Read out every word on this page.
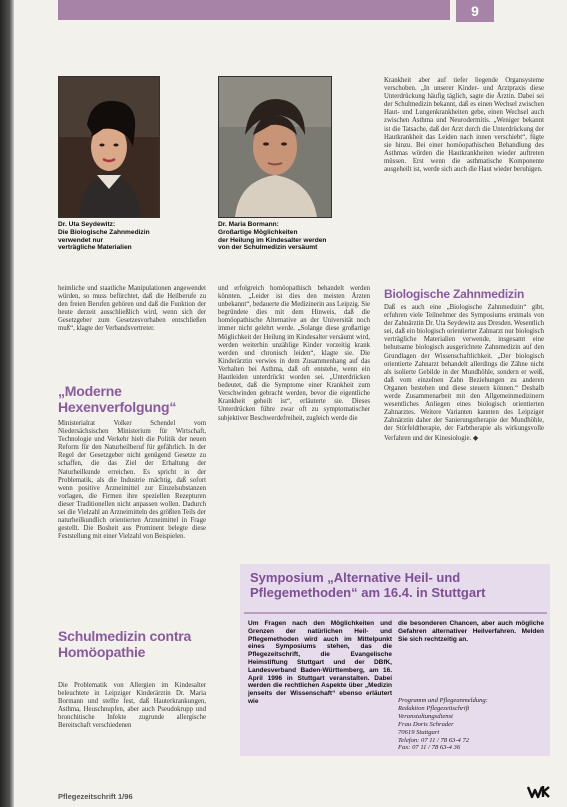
9
Dr. Uta Seydewitz:
Die Biologische Zahnmedizin
verwendet nur
verträgliche Materialien
Dr. Maria Bormann:
Großartige Möglichkeiten
der Heilung im Kindesalter werden
von der Schulmedizin versäumt
heimliche und staatliche Manipulationen angewendet würden, so muss befürchtet, daß die Heilberufe zu den freien Berufen gehören und daß die Funktion der heute derzeit ausschließlich wird, wenn sich der Gesetzgeber zum Gesetzesvorhaben entschließen muß“, klagte der Verbandsvertreter.
„Moderne Hexenverfolgung“
Ministerialrat Volker Schendel vom Niedersächsischen Ministerium für Wirtschaft, Technologie und Verkehr hielt die Politik der neuen Reform für den Naturheilberuf für gefährlich. In der Regel der Gesetzgeber nicht genügend Gesetze zu schaffen, die das Ziel der Erhaltung der Naturheilkunde erreichen. Es spricht in der Problematik, als die Industrie mächtig, daß sofort wenn positive Arzneimittel zur Einzelsubstanzen vorlagen, die Firmen ihre speziellen Rezepturen dieser Traditionellen nicht anpassen wollen. Dadurch sei die Vielzahl an Arzneimitteln des größten Teils der naturheilkundlich orientierten Arzneimittel in Frage gestellt. Die Bosheit aus Prominent belegte diese Feststellung mit einer Vielzahl von Beispielen.
Schulmedizin contra Homöopathie
Die Problematik von Allergien im Kindesalter beleuchtete in Leipziger Kinderärztin Dr. Maria Bormann und stellte fest, daß Hauterkrankungen, Asthma, Heuschnupfen, aber auch Pseudokrupp und bronchitische Infekte zugrunde allergische Bereitschaft verschiedenen
und erfolgreich homöopathisch behandelt werden könnten. „Leider ist dies den meisten Ärzten unbekannt“, bedauerte die Medizinerin aus Leipzig. Sie begründete dies mit dem Hinweis, daß die homöopathische Alternative an der Universität noch immer nicht gelehrt werde. „Solange diese großartige Möglichkeit der Heilung im Kindesalter versäumt wird, werden weiterhin unzählige Kinder vorzeitig krank werden und chronisch leiden“, klagte sie. Die Kinderärztin verwies in dem Zusammenhang auf das Verhalten bei Asthma, daß oft entstehe, wenn ein Hautleiden unterdrückt worden sei. „Unterdrücken bedeutet, daß die Symptome einer Krankheit zum Verschwinden gebracht werden, bevor die eigentliche Krankheit geheilt ist“, erläuterte sie. Dieses Unterdrücken führe zwar oft zu symptomatischer subjektiver Beschwerdefreiheit, zugleich werde die
Krankheit aber auf tiefer liegende Organsysteme verschoben. „In unserer Kinder- und Arztpraxis diese Unterdrückung häufig täglich, sagte die Ärztin. Dabei sei der Schulmedizin bekannt, daß es einen Wechsel zwischen Haut- und Lungenkrankheiten gebe, einen Wechsel auch zwischen Asthma und Neurodermitis. „Weniger bekannt ist die Tatsache, daß der Arzt durch die Unterdrückung der Hautkrankheit das Leiden nach innen verschiebt“, fügte sie hinzu. Bei einer homöopathischen Behandlung des Asthmas würden die Hautkrankheiten wieder auftreten müssen. Erst wenn die asthmatische Komponente ausgeheilt ist, werde sich auch die Haut wieder beruhigen.
Biologische Zahnmedizin
Daß es auch eine „Biologische Zahnmedizin“ gibt, erfuhren viele Teilnehmer des Symposiums erstmals von der Zahnärztin Dr. Uta Seydewitz aus Dresden. Wesentlich sei, daß ein biologisch orientierter Zahnarzt nur biologisch verträgliche Materialien verwende, insgesamt eine behutsame biologisch ausgerichtete Zahnmedizin auf den Grundlagen der Wissenschaftlichkeit. „Der biologisch orientierte Zahnarzt behandelt allerdings die Zähne nicht als isolierte Gebilde in der Mundhöhle, sondern er weiß, daß vom einzelnen Zahn Beziehungen zu anderen Organen bestehen und diese steuern können.“ Deshalb werde Zusammenarbeit mit den Allgemeinmedizinern wesentliches Anliegen eines biologisch orientierten Zahnarztes. Weitere Varianten kannten des Leipziger Zahnärztin daher der Sanierungstherapie der Mundhöhle, der Störfeldtherapie, der Farbtherapie als wirkungsvolle Verfahren und der Kinesiologie. ◆
Symposium „Alternative Heil- und Pflegemethoden“ am 16.4. in Stuttgart
Um Fragen nach den Möglichkeiten und Grenzen der natürlichen Heil- und Pflegemethoden wird auch im Mittelpunkt eines Symposiums stehen, das die Pflegezeitschrift, die Evangelische Heimstiftung Stuttgart und der DBfK, Landesverband Baden-Württemberg, am 16. April 1996 in Stuttgart veranstalten. Dabei werden die rechtlichen Aspekte über „Medizin jenseits der Wissenschaft“ ebenso erläutert wie
die besonderen Chancen, aber auch mögliche Gefahren alternativer Heilverfahren. Melden Sie sich rechtzeitig an.
Programm und Pflegeanmeldung:
Redaktion Pflegezeitschrift
Veranstaltungsdienst
Frau Doris Schrader
70619 Stuttgart
Telefon: 07 11 / 78 63-4 72
Fax: 07 11 / 78 63-4 36
Pflegezeitschrift 1/96
